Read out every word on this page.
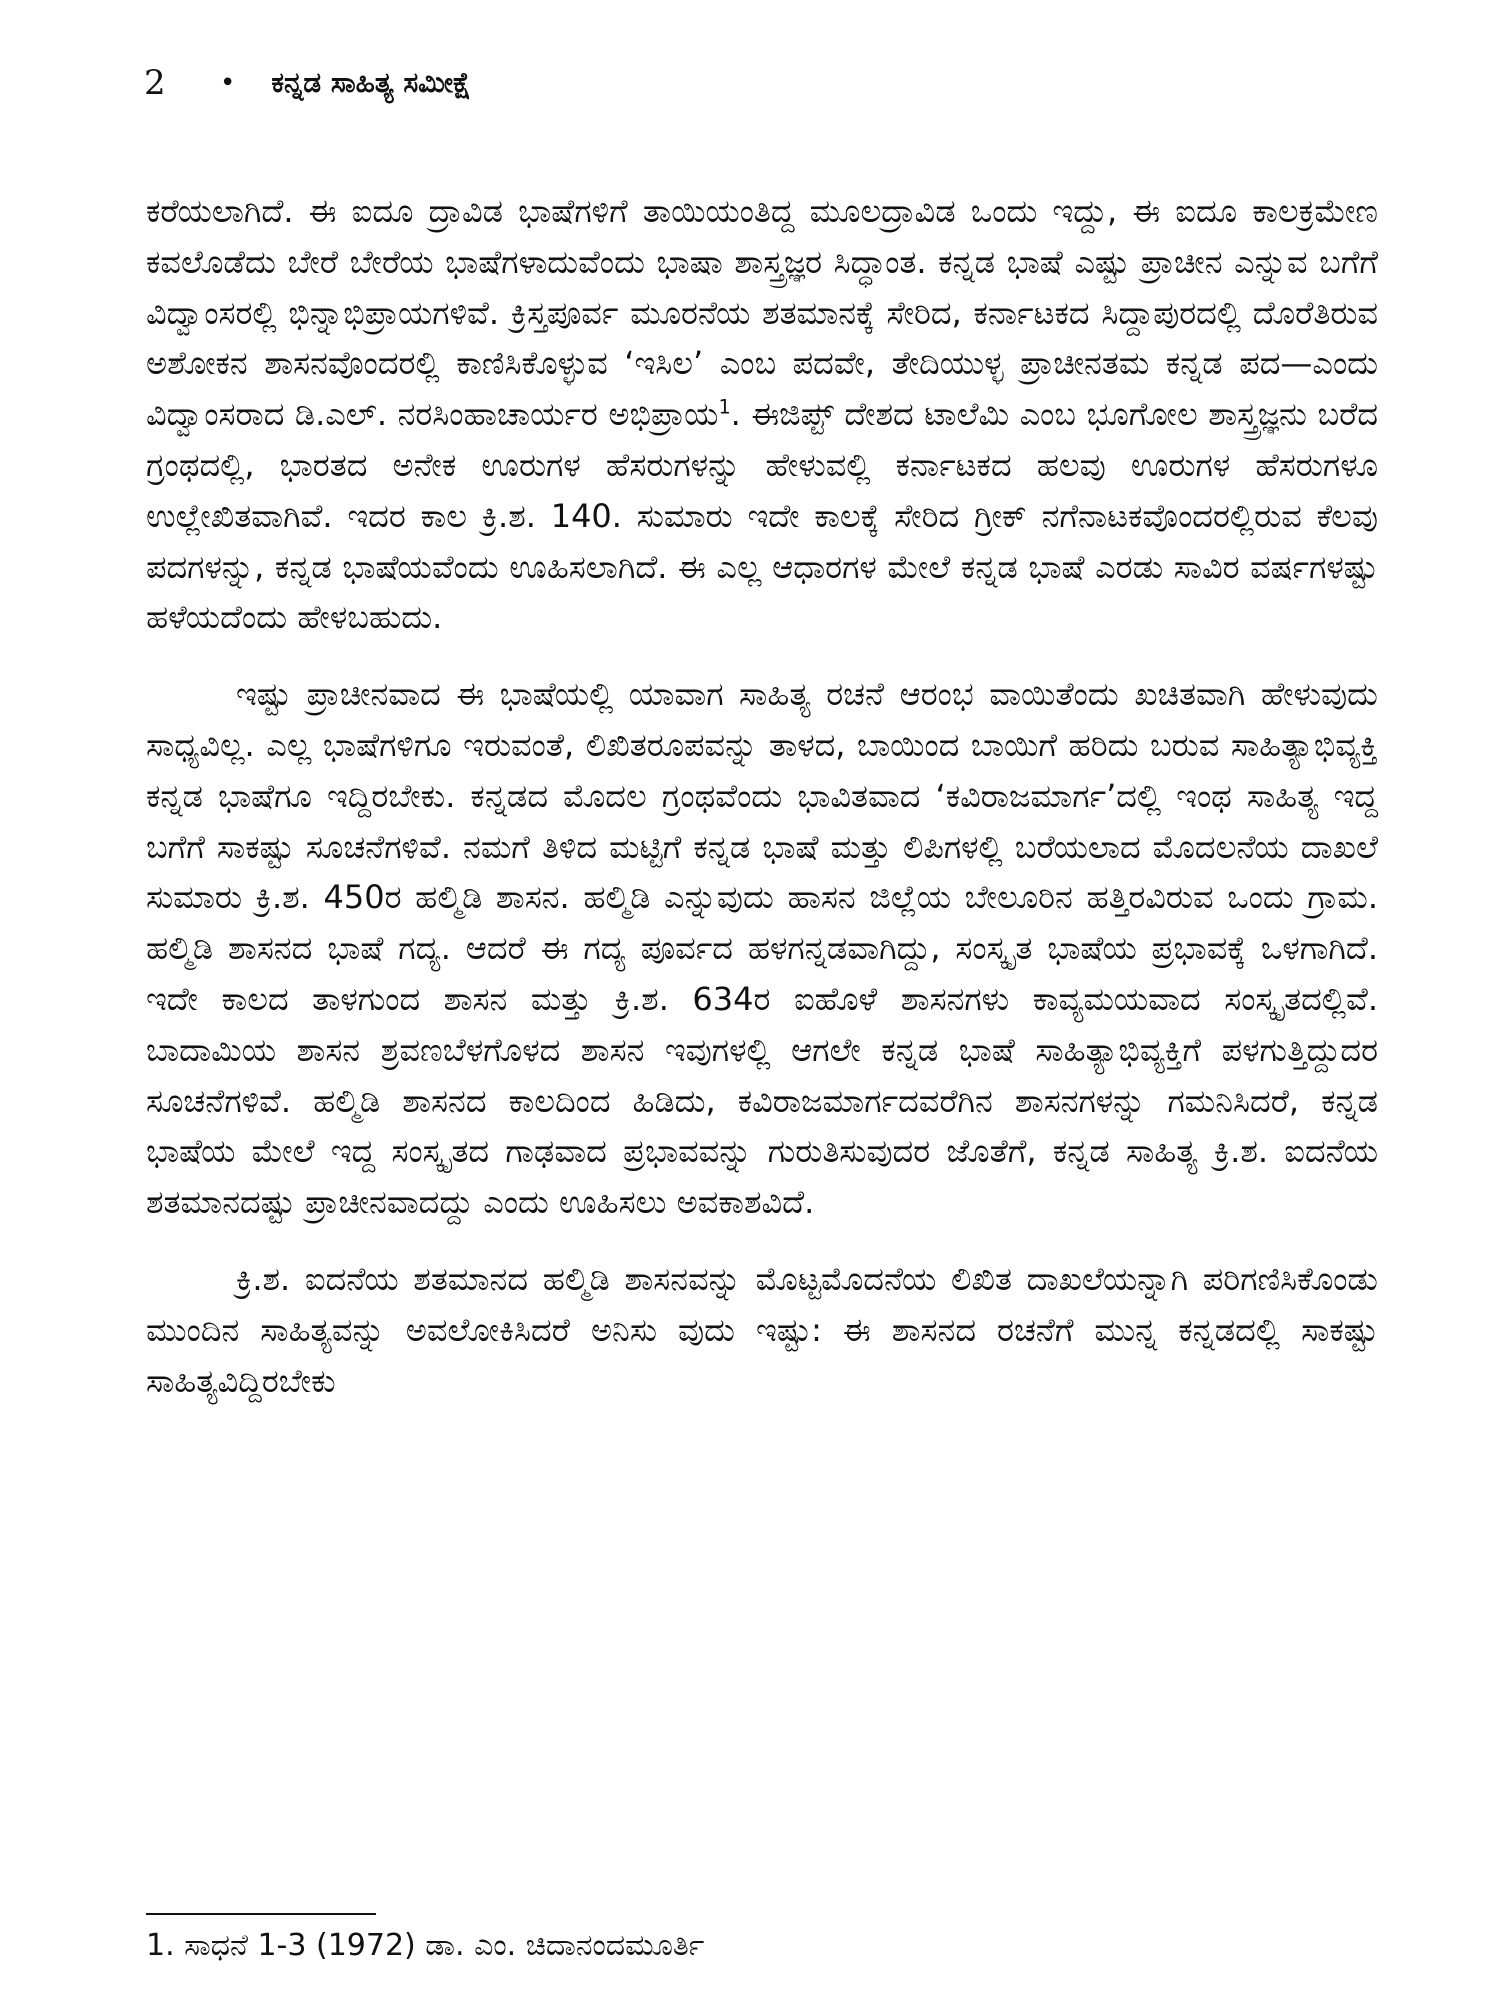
2	• ಕನ್ನಡ ಸಾಹಿತ್ಯ ಸಮೀಕ್ಷೆ

ಕರೆಯಲಾಗಿದೆ. ಈ ಐದೂ ದ್ರಾವಿಡ ಭಾಷೆಗಳಿಗೆ ತಾಯಿಯಂತಿದ್ದ ಮೂಲದ್ರಾವಿಡ ಒಂದು ಇದ್ದು, ಈ ಐದೂ ಕಾಲಕ್ರಮೇಣ ಕವಲೊಡೆದು ಬೇರೆ ಬೇರೆಯ ಭಾಷೆಗಳಾದುವೆಂದು ಭಾಷಾ ಶಾಸ್ತ್ರಜ್ಞರ ಸಿದ್ಧಾಂತ. ಕನ್ನಡ ಭಾಷೆ ಎಷ್ಟು ಪ್ರಾಚೀನ ಎನ್ನುವ ಬಗೆಗೆ ವಿದ್ವಾಂಸರಲ್ಲಿ ಭಿನ್ನಾಭಿಪ್ರಾಯಗಳಿವೆ. ಕ್ರಿಸ್ತಪೂರ್ವ ಮೂರನೆಯ ಶತಮಾನಕ್ಕೆ ಸೇರಿದ, ಕರ್ನಾಟಕದ ಸಿದ್ದಾಪುರದಲ್ಲಿ ದೊರೆತಿರುವ ಅಶೋಕನ ಶಾಸನವೊಂದರಲ್ಲಿ ಕಾಣಿಸಿಕೊಳ್ಳುವ ‘ಇಸಿಲ’ ಎಂಬ ಪದವೇ, ತೇದಿಯುಳ್ಳ ಪ್ರಾಚೀನತಮ ಕನ್ನಡ ಪದ—ಎಂದು ವಿದ್ವಾಂಸರಾದ ಡಿ.ಎಲ್. ನರಸಿಂಹಾಚಾರ್ಯರ ಅಭಿಪ್ರಾಯ$^1$. ಈಜಿಪ್ಟ್ ದೇಶದ ಟಾಲೆಮಿ ಎಂಬ ಭೂಗೋಲ ಶಾಸ್ತ್ರಜ್ಞನು ಬರೆದ ಗ್ರಂಥದಲ್ಲಿ, ಭಾರತದ ಅನೇಕ ಊರುಗಳ ಹೆಸರುಗಳನ್ನು ಹೇಳುವಲ್ಲಿ ಕರ್ನಾಟಕದ ಹಲವು ಊರುಗಳ ಹೆಸರುಗಳೂ ಉಲ್ಲೇಖಿತವಾಗಿವೆ. ಇದರ ಕಾಲ ಕ್ರಿ.ಶ. 140. ಸುಮಾರು ಇದೇ ಕಾಲಕ್ಕೆ ಸೇರಿದ ಗ್ರೀಕ್ ನಗೆನಾಟಕವೊಂದರಲ್ಲಿರುವ ಕೆಲವು ಪದಗಳನ್ನು, ಕನ್ನಡ ಭಾಷೆಯವೆಂದು ಊಹಿಸಲಾಗಿದೆ. ಈ ಎಲ್ಲ ಆಧಾರಗಳ ಮೇಲೆ ಕನ್ನಡ ಭಾಷೆ ಎರಡು ಸಾವಿರ ವರ್ಷಗಳಷ್ಟು ಹಳೆಯದೆಂದು ಹೇಳಬಹುದು.

ಇಷ್ಟು ಪ್ರಾಚೀನವಾದ ಈ ಭಾಷೆಯಲ್ಲಿ ಯಾವಾಗ ಸಾಹಿತ್ಯ ರಚನೆ ಆರಂಭ ವಾಯಿತೆಂದು ಖಚಿತವಾಗಿ ಹೇಳುವುದು ಸಾಧ್ಯವಿಲ್ಲ. ಎಲ್ಲ ಭಾಷೆಗಳಿಗೂ ಇರುವಂತೆ, ಲಿಖಿತರೂಪವನ್ನು ತಾಳದ, ಬಾಯಿಂದ ಬಾಯಿಗೆ ಹರಿದು ಬರುವ ಸಾಹಿತ್ಯಾಭಿವ್ಯಕ್ತಿ ಕನ್ನಡ ಭಾಷೆಗೂ ಇದ್ದಿರಬೇಕು. ಕನ್ನಡದ ಮೊದಲ ಗ್ರಂಥವೆಂದು ಭಾವಿತವಾದ ‘ಕವಿರಾಜಮಾರ್ಗ’ದಲ್ಲಿ ಇಂಥ ಸಾಹಿತ್ಯ ಇದ್ದ ಬಗೆಗೆ ಸಾಕಷ್ಟು ಸೂಚನೆಗಳಿವೆ. ನಮಗೆ ತಿಳಿದ ಮಟ್ಟಿಗೆ ಕನ್ನಡ ಭಾಷೆ ಮತ್ತು ಲಿಪಿಗಳಲ್ಲಿ ಬರೆಯಲಾದ ಮೊದಲನೆಯ ದಾಖಲೆ ಸುಮಾರು ಕ್ರಿ.ಶ. 450ರ ಹಲ್ಮಿಡಿ ಶಾಸನ. ಹಲ್ಮಿಡಿ ಎನ್ನುವುದು ಹಾಸನ ಜಿಲ್ಲೆಯ ಬೇಲೂರಿನ ಹತ್ತಿರವಿರುವ ಒಂದು ಗ್ರಾಮ. ಹಲ್ಮಿಡಿ ಶಾಸನದ ಭಾಷೆ ಗದ್ಯ. ಆದರೆ ಈ ಗದ್ಯ ಪೂರ್ವದ ಹಳಗನ್ನಡವಾಗಿದ್ದು, ಸಂಸ್ಕೃತ ಭಾಷೆಯ ಪ್ರಭಾವಕ್ಕೆ ಒಳಗಾಗಿದೆ. ಇದೇ ಕಾಲದ ತಾಳಗುಂದ ಶಾಸನ ಮತ್ತು ಕ್ರಿ.ಶ. 634ರ ಐಹೊಳೆ ಶಾಸನಗಳು ಕಾವ್ಯಮಯವಾದ ಸಂಸ್ಕೃತದಲ್ಲಿವೆ. ಬಾದಾಮಿಯ ಶಾಸನ ಶ್ರವಣಬೆಳಗೊಳದ ಶಾಸನ ಇವುಗಳಲ್ಲಿ ಆಗಲೇ ಕನ್ನಡ ಭಾಷೆ ಸಾಹಿತ್ಯಾಭಿವ್ಯಕ್ತಿಗೆ ಪಳಗುತ್ತಿದ್ದುದರ ಸೂಚನೆಗಳಿವೆ. ಹಲ್ಮಿಡಿ ಶಾಸನದ ಕಾಲದಿಂದ ಹಿಡಿದು, ಕವಿರಾಜಮಾರ್ಗದವರೆಗಿನ ಶಾಸನಗಳನ್ನು ಗಮನಿಸಿದರೆ, ಕನ್ನಡ ಭಾಷೆಯ ಮೇಲೆ ಇದ್ದ ಸಂಸ್ಕೃತದ ಗಾಢವಾದ ಪ್ರಭಾವವನ್ನು ಗುರುತಿಸುವುದರ ಜೊತೆಗೆ, ಕನ್ನಡ ಸಾಹಿತ್ಯ ಕ್ರಿ.ಶ. ಐದನೆಯ ಶತಮಾನದಷ್ಟು ಪ್ರಾಚೀನವಾದದ್ದು ಎಂದು ಊಹಿಸಲು ಅವಕಾಶವಿದೆ.

ಕ್ರಿ.ಶ. ಐದನೆಯ ಶತಮಾನದ ಹಲ್ಮಿಡಿ ಶಾಸನವನ್ನು ಮೊಟ್ಟಮೊದನೆಯ ಲಿಖಿತ ದಾಖಲೆಯನ್ನಾಗಿ ಪರಿಗಣಿಸಿಕೊಂಡು ಮುಂದಿನ ಸಾಹಿತ್ಯವನ್ನು ಅವಲೋಕಿಸಿದರೆ ಅನಿಸು ವುದು ಇಷ್ಟು: ಈ ಶಾಸನದ ರಚನೆಗೆ ಮುನ್ನ ಕನ್ನಡದಲ್ಲಿ ಸಾಕಷ್ಟು ಸಾಹಿತ್ಯವಿದ್ದಿರಬೇಕು

1. ಸಾಧನೆ 1-3 (1972) ಡಾ. ಎಂ. ಚಿದಾನಂದಮೂರ್ತಿ
